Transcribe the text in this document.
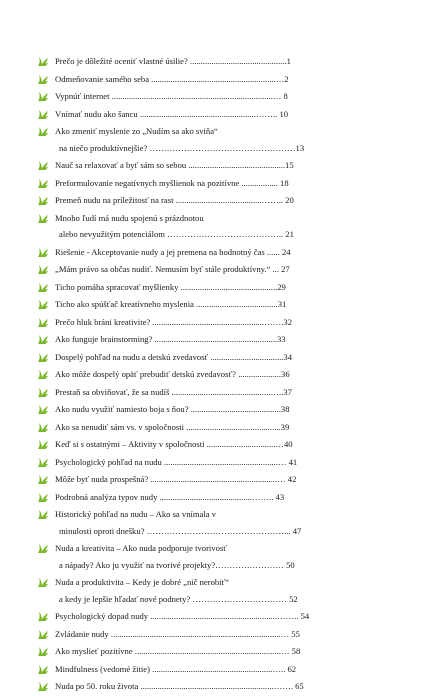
Prečo je dôležité oceniť vlastné úsilie? .............................................1
Odmeňovanie samého seba ..........................................................…2
Vypnúť internet ...........................................................................… 8
Vnímať nudu ako šancu ......................................................…….. 10
Ako zmeniť myslenie zo „Nudím sa ako sviňa“
na niečo produktívnejšie? ……………………………………………13
Nauč sa relaxovať a byť sám so sebou .............................................15
Preformulovanie negatívnych myšlienok na pozitívne ................. 18
Premeň nudu na príležitosť na rast ........................................…….. 20
Mnoho ľudí má nudu spojenú s prázdnotou
alebo nevyužitým potenciálom ………………………………….. 21
Riešenie - Akceptovanie nudy a jej premena na hodnotný čas ...... 24
„Mám právo sa občas nudiť. Nemusím byť stále produktívny.“ ... 27
Ticho pomáha spracovať myšlienky .............................................29
Ticho ako spúšťač kreatívneho myslenia ......................................31
Prečo hluk bráni kreativite? ....................................................…….32
Ako funguje brainstorming? .........................................................33
Dospelý pohľad na nudu a detskú zvedavosť ..................................34
Ako môže dospelý opäť prebudiť detskú zvedavosť? ....................36
Prestaň sa obviňovať, že sa nudíš ..............................................…..37
Ako nudu využiť namiesto boja s ňou? ..........................................38
Ako sa nenudiť sám vs. v spoločnosti ............................................39
Keď si s ostatnými – Aktivity v spoločnosti ................................…40
Psychologický pohľad na nudu .....................................................… 41
Môže byť nuda prospešná? ...........................................................… 42
Podrobná analýza typov nudy ...........................................…….. 43
Historický pohľad na nudu – Ako sa vnímala v
minulosti oproti dnešku? …………………………………………... 47
Nuda a kreativita – Ako nuda podporuje tvorivosť
a nápady? Ako ju využiť na tvorivé projekty?…………………… 50
Nuda a produktivita – Kedy je dobré „nič nerobiť“
a kedy je lepšie hľadať nové podnety? …………………………… 52
Psychologický dopad nudy ...........................................................…….. 54
Zvládanie nudy ...............................................................................… 55
Ako myslieť pozitívne ....................................................................… 58
Mindfulness (vedomé žitie) ........................................................….. 62
Nuda po 50. roku života ..............................................................……. 65
